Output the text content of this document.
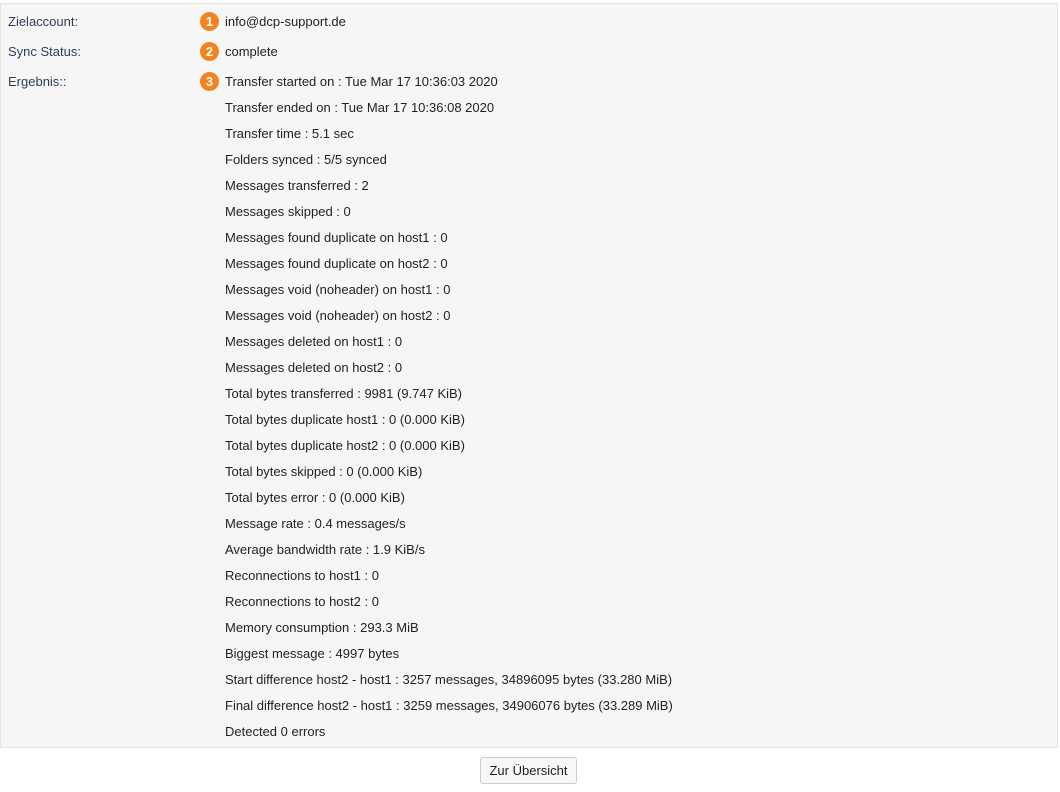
Zielaccount:	1 info@dcp-support.de
Sync Status:	2 complete
Ergebnis::	3 Transfer started on : Tue Mar 17 10:36:03 2020
Transfer ended on : Tue Mar 17 10:36:08 2020
Transfer time : 5.1 sec
Folders synced : 5/5 synced
Messages transferred : 2
Messages skipped : 0
Messages found duplicate on host1 : 0
Messages found duplicate on host2 : 0
Messages void (noheader) on host1 : 0
Messages void (noheader) on host2 : 0
Messages deleted on host1 : 0
Messages deleted on host2 : 0
Total bytes transferred : 9981 (9.747 KiB)
Total bytes duplicate host1 : 0 (0.000 KiB)
Total bytes duplicate host2 : 0 (0.000 KiB)
Total bytes skipped : 0 (0.000 KiB)
Total bytes error : 0 (0.000 KiB)
Message rate : 0.4 messages/s
Average bandwidth rate : 1.9 KiB/s
Reconnections to host1 : 0
Reconnections to host2 : 0
Memory consumption : 293.3 MiB
Biggest message : 4997 bytes
Start difference host2 - host1 : 3257 messages, 34896095 bytes (33.280 MiB)
Final difference host2 - host1 : 3259 messages, 34906076 bytes (33.289 MiB)
Detected 0 errors
Zur Übersicht
